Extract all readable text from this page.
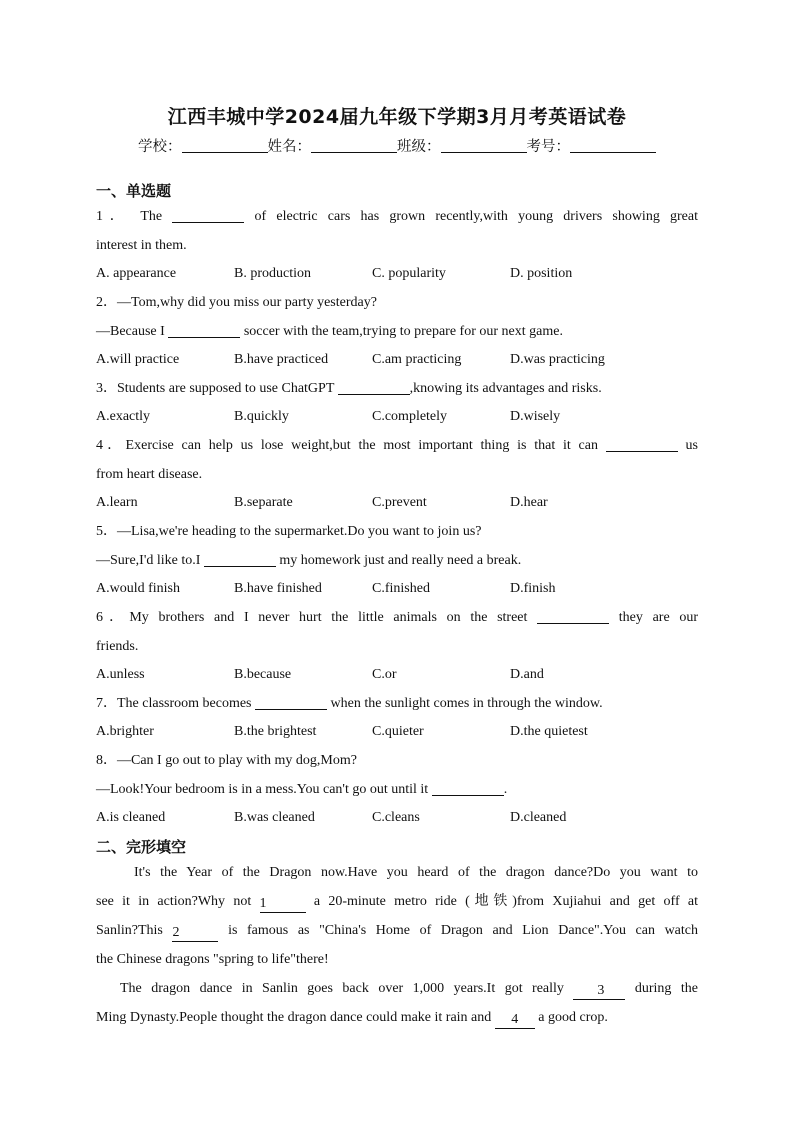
江西丰城中学2024届九年级下学期3月月考英语试卷
学校：	姓名：	班级：	考号：
一、单选题
1． The	of electric cars has grown recently,with young drivers showing great
interest in them.
A. appearance	B. production	C. popularity	D. position
2．—Tom,why did you miss our party yesterday?
—Because I	soccer with the team,trying to prepare for our next game.
A.will practice	B.have practiced	C.am practicing	D.was practicing
3．Students are supposed to use ChatGPT	,knowing its advantages and risks.
A.exactly	B.quickly	C.completely	D.wisely
4．Exercise can help us lose weight,but the most important thing is that it can	us
from heart disease.
A.learn	B.separate	C.prevent	D.hear
5．—Lisa,we're heading to the supermarket.Do you want to join us?
—Sure,I'd like to.I	my homework just and really need a break.
A.would finish	B.have finished	C.finished	D.finish
6．My brothers and I never hurt the little animals on the street	they are our
friends.
A.unless	B.because	C.or	D.and
7．The classroom becomes	when the sunlight comes in through the window.
A.brighter	B.the brightest	C.quieter	D.the quietest
8．—Can I go out to play with my dog,Mom?
—Look!Your bedroom is in a mess.You can't go out until it	.
A.is cleaned	B.was cleaned	C.cleans	D.cleaned
二、完形填空
It's the Year of the Dragon now.Have you heard of the dragon dance?Do you want to
see it in action?Why not 1	a 20-minute metro ride (地铁)from Xujiahui and get off at
Sanlin?This 2	is famous as "China's Home of Dragon and Lion Dance".You can watch
the Chinese dragons "spring to life"there!
The dragon dance in Sanlin goes back over 1,000 years.It got really 3 during the
Ming Dynasty.People thought the dragon dance could make it rain and 4 a good crop.
